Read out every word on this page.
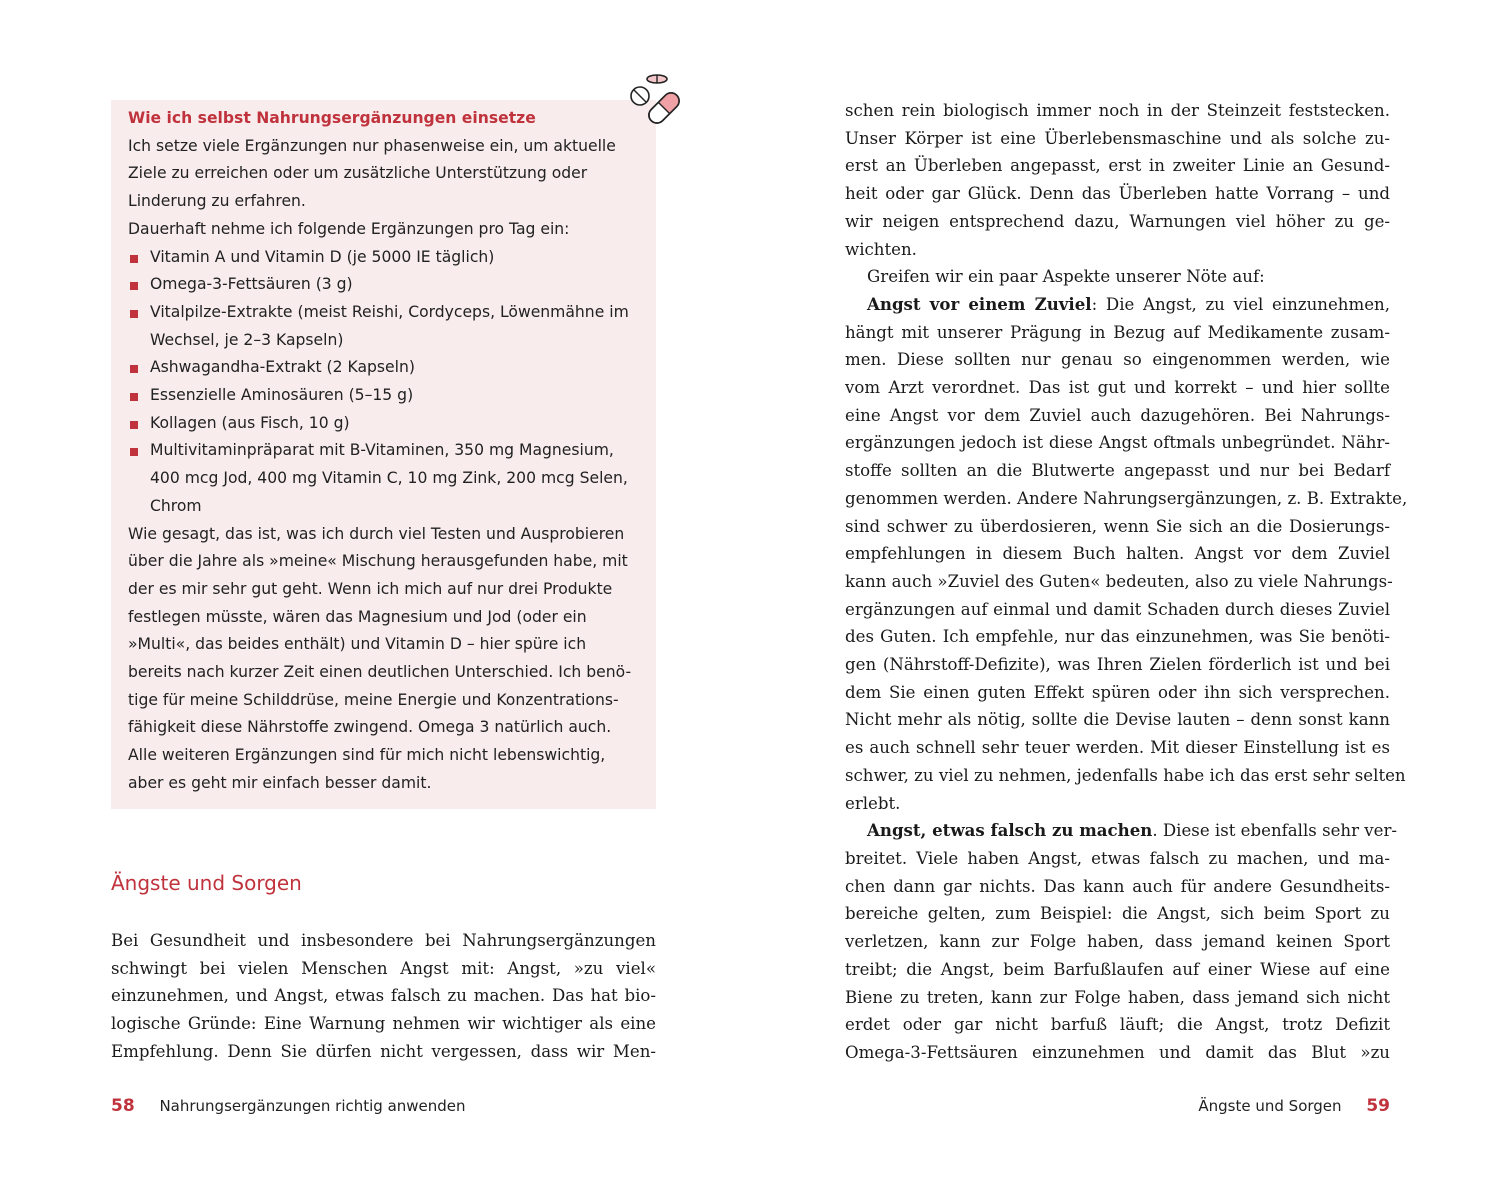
Wie ich selbst Nahrungsergänzungen einsetze

Ich setze viele Ergänzungen nur phasenweise ein, um aktuelle

Ziele zu erreichen oder um zusätzliche Unterstützung oder

Linderung zu erfahren.

Dauerhaft nehme ich folgende Ergänzungen pro Tag ein:

Vitamin A und Vitamin D (je 5000 IE täglich)
Omega-3-Fettsäuren (3 g)
Vitalpilze-Extrakte (meist Reishi, Cordyceps, Löwenmähne im
Wechsel, je 2–3 Kapseln)
Ashwagandha-Extrakt (2 Kapseln)
Essenzielle Aminosäuren (5–15 g)
Kollagen (aus Fisch, 10 g)
Multivitaminpräparat mit B-Vitaminen, 350 mg Magnesium,
400 mcg Jod, 400 mg Vitamin C, 10 mg Zink, 200 mcg Selen,
Chrom

Wie gesagt, das ist, was ich durch viel Testen und Ausprobieren

über die Jahre als »meine« Mischung herausgefunden habe, mit

der es mir sehr gut geht. Wenn ich mich auf nur drei Produkte

festlegen müsste, wären das Magnesium und Jod (oder ein

»Multi«, das beides enthält) und Vitamin D – hier spüre ich

bereits nach kurzer Zeit einen deutlichen Unterschied. Ich benö-

tige für meine Schilddrüse, meine Energie und Konzentrations-

fähigkeit diese Nährstoffe zwingend. Omega 3 natürlich auch.

Alle weiteren Ergänzungen sind für mich nicht lebenswichtig,

aber es geht mir einfach besser damit.

Ängste und Sorgen
Bei Gesundheit und insbesondere bei Nahrungsergänzungen
schwingt bei vielen Menschen Angst mit: Angst, »zu viel«
einzunehmen, und Angst, etwas falsch zu machen. Das hat bio-
logische Gründe: Eine Warnung nehmen wir wichtiger als eine
Empfehlung. Denn Sie dürfen nicht vergessen, dass wir Men-
58 Nahrungsergänzungen richtig anwenden
schen rein biologisch immer noch in der Steinzeit feststecken.
Unser Körper ist eine Überlebensmaschine und als solche zu-
erst an Überleben angepasst, erst in zweiter Linie an Gesund-
heit oder gar Glück. Denn das Überleben hatte Vorrang – und
wir neigen entsprechend dazu, Warnungen viel höher zu ge-
wichten.
Greifen wir ein paar Aspekte unserer Nöte auf:
Angst vor einem Zuviel: Die Angst, zu viel einzunehmen,
hängt mit unserer Prägung in Bezug auf Medikamente zusam-
men. Diese sollten nur genau so eingenommen werden, wie
vom Arzt verordnet. Das ist gut und korrekt – und hier sollte
eine Angst vor dem Zuviel auch dazugehören. Bei Nahrungs-
ergänzungen jedoch ist diese Angst oftmals unbegründet. Nähr-
stoffe sollten an die Blutwerte angepasst und nur bei Bedarf
genommen werden. Andere Nahrungsergänzungen, z. B. Extrakte,
sind schwer zu überdosieren, wenn Sie sich an die Dosierungs-
empfehlungen in diesem Buch halten. Angst vor dem Zuviel
kann auch »Zuviel des Guten« bedeuten, also zu viele Nahrungs-
ergänzungen auf einmal und damit Schaden durch dieses Zuviel
des Guten. Ich empfehle, nur das einzunehmen, was Sie benöti-
gen (Nährstoff-Defizite), was Ihren Zielen förderlich ist und bei
dem Sie einen guten Effekt spüren oder ihn sich versprechen.
Nicht mehr als nötig, sollte die Devise lauten – denn sonst kann
es auch schnell sehr teuer werden. Mit dieser Einstellung ist es
schwer, zu viel zu nehmen, jedenfalls habe ich das erst sehr selten
erlebt.
Angst, etwas falsch zu machen. Diese ist ebenfalls sehr ver-
breitet. Viele haben Angst, etwas falsch zu machen, und ma-
chen dann gar nichts. Das kann auch für andere Gesundheits-
bereiche gelten, zum Beispiel: die Angst, sich beim Sport zu
verletzen, kann zur Folge haben, dass jemand keinen Sport
treibt; die Angst, beim Barfußlaufen auf einer Wiese auf eine
Biene zu treten, kann zur Folge haben, dass jemand sich nicht
erdet oder gar nicht barfuß läuft; die Angst, trotz Defizit
Omega-3-Fettsäuren einzunehmen und damit das Blut »zu
Ängste und Sorgen 59
